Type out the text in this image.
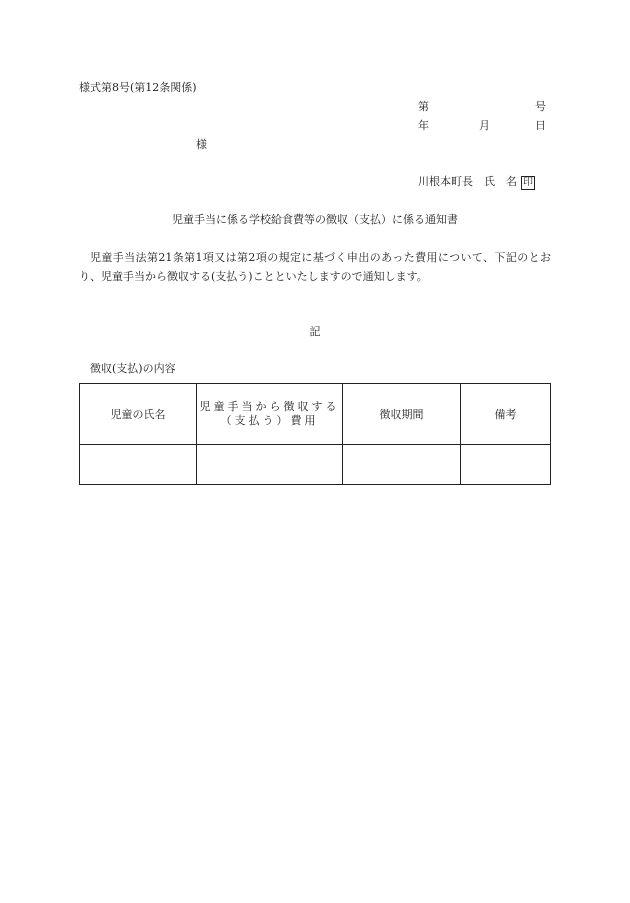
様式第8号(第12条関係)
第	号
年	月	日
様
川根本町長　氏　名 印
児童手当に係る学校給食費等の徴収（支払）に係る通知書
児童手当法第21条第1項又は第2項の規定に基づく申出のあった費用について、下記のとおり、児童手当から徴収する(支払う)ことといたしますので通知します。
記
徴収(支払)の内容
児童の氏名	児童手当から徴収する（支払う）費用	徴収期間	備考
